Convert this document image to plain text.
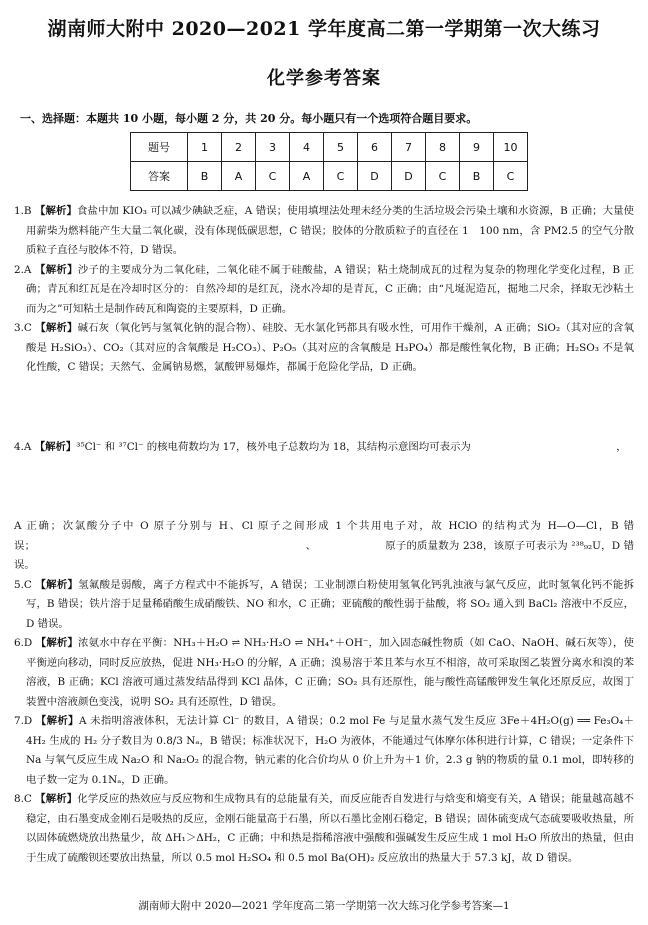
湖南师大附中 2020—2021 学年度高二第一学期第一次大练习
化学参考答案
一、选择题：本题共 10 小题，每小题 2 分，共 20 分。每小题只有一个选项符合题目要求。
题号	1	2	3	4	5	6	7	8	9	10
答案	B	A	C	A	C	D	D	C	B	C

1.B 【解析】食盐中加 KIO₃ 可以减少碘缺乏症，A 错误；使用填埋法处理未经分类的生活垃圾会污染土壤和水资源，B 正确；大量使用薪柴为燃料能产生大量二氧化碳，没有体现低碳思想，C 错误；胶体的分散质粒子的直径在 1　100 nm，含 PM2.5 的空气分散质粒子直径与胶体不符，D 错误。

2.A 【解析】沙子的主要成分为二氧化硅，二氧化硅不属于硅酸盐，A 错误；粘土烧制成瓦的过程为复杂的物理化学变化过程，B 正确；青瓦和红瓦是在冷却时区分的：自然冷却的是红瓦，浇水冷却的是青瓦，C 正确；由“凡埏泥造瓦，掘地二尺余，择取无沙粘土而为之”可知粘土是制作砖瓦和陶瓷的主要原料，D 正确。

3.C 【解析】碱石灰（氧化钙与氢氧化钠的混合物）、硅胶、无水氯化钙都具有吸水性，可用作干燥剂，A 正确；SiO₂（其对应的含氧酸是 H₂SiO₃）、CO₂（其对应的含氧酸是 H₂CO₃）、P₂O₅（其对应的含氧酸是 H₃PO₄）都是酸性氧化物，B 正确；H₂SO₃ 不是氧化性酸，C 错误；天然气、金属钠易燃，氯酸钾易爆炸，都属于危险化学品，D 正确。

4.A 【解析】³⁵Cl⁻ 和 ³⁷Cl⁻ 的核电荷数均为 17，核外电子总数均为 18，其结构示意图均可表示为　　　　　　　　　　　　　　，

A 正确；次氯酸分子中 O 原子分别与 H、Cl 原子之间形成 1 个共用电子对，故 HClO 的结构式为 H—O—Cl，B 错误；　　　　　　　　　　　　　　　　　　　　　　　　　　、　　　　　　　原子的质量数为 238，该原子可表示为 ²³⁸₉₂U，D 错误。

5.C 【解析】氢氟酸是弱酸，离子方程式中不能拆写，A 错误；工业制漂白粉使用氢氧化钙乳浊液与氯气反应，此时氢氧化钙不能拆写，B 错误；铁片溶于足量稀硝酸生成硝酸铁、NO 和水，C 正确；亚硫酸的酸性弱于盐酸，将 SO₂ 通入到 BaCl₂ 溶液中不反应，D 错误。

6.D 【解析】浓氨水中存在平衡：NH₃＋H₂O ⇌ NH₃·H₂O ⇌ NH₄⁺＋OH⁻，加入固态碱性物质（如 CaO、NaOH、碱石灰等），使平衡逆向移动，同时反应放热，促进 NH₃·H₂O 的分解，A 正确；溴易溶于苯且苯与水互不相溶，故可采取图乙装置分离水和溴的苯溶液，B 正确；KCl 溶液可通过蒸发结晶得到 KCl 晶体，C 正确；SO₂ 具有还原性，能与酸性高锰酸钾发生氧化还原反应，故图丁装置中溶液颜色变浅，说明 SO₂ 具有还原性，D 错误。

7.D 【解析】A 未指明溶液体积，无法计算 Cl⁻ 的数目，A 错误；0.2 mol Fe 与足量水蒸气发生反应 3Fe＋4H₂O(g) ══ Fe₃O₄＋4H₂ 生成的 H₂ 分子数目为 0.8/3 Nₐ，B 错误；标准状况下，H₂O 为液体，不能通过气体摩尔体积进行计算，C 错误；一定条件下 Na 与氧气反应生成 Na₂O 和 Na₂O₂ 的混合物，钠元素的化合价均从 0 价上升为＋1 价，2.3 g 钠的物质的量 0.1 mol，即转移的电子数一定为 0.1Nₐ，D 正确。

8.C 【解析】化学反应的热效应与反应物和生成物具有的总能量有关，而反应能否自发进行与焓变和熵变有关，A 错误；能量越高越不稳定，由石墨变成金刚石是吸热的反应，金刚石能量高于石墨，所以石墨比金刚石稳定，B 错误；固体硫变成气态硫要吸收热量，所以固体硫燃烧放出热量少，故 ΔH₁＞ΔH₂，C 正确；中和热是指稀溶液中强酸和强碱发生反应生成 1 mol H₂O 所放出的热量，但由于生成了硫酸钡还要放出热量，所以 0.5 mol H₂SO₄ 和 0.5 mol Ba(OH)₂ 反应放出的热量大于 57.3 kJ，故 D 错误。

湖南师大附中 2020—2021 学年度高二第一学期第一次大练习化学参考答案—1
